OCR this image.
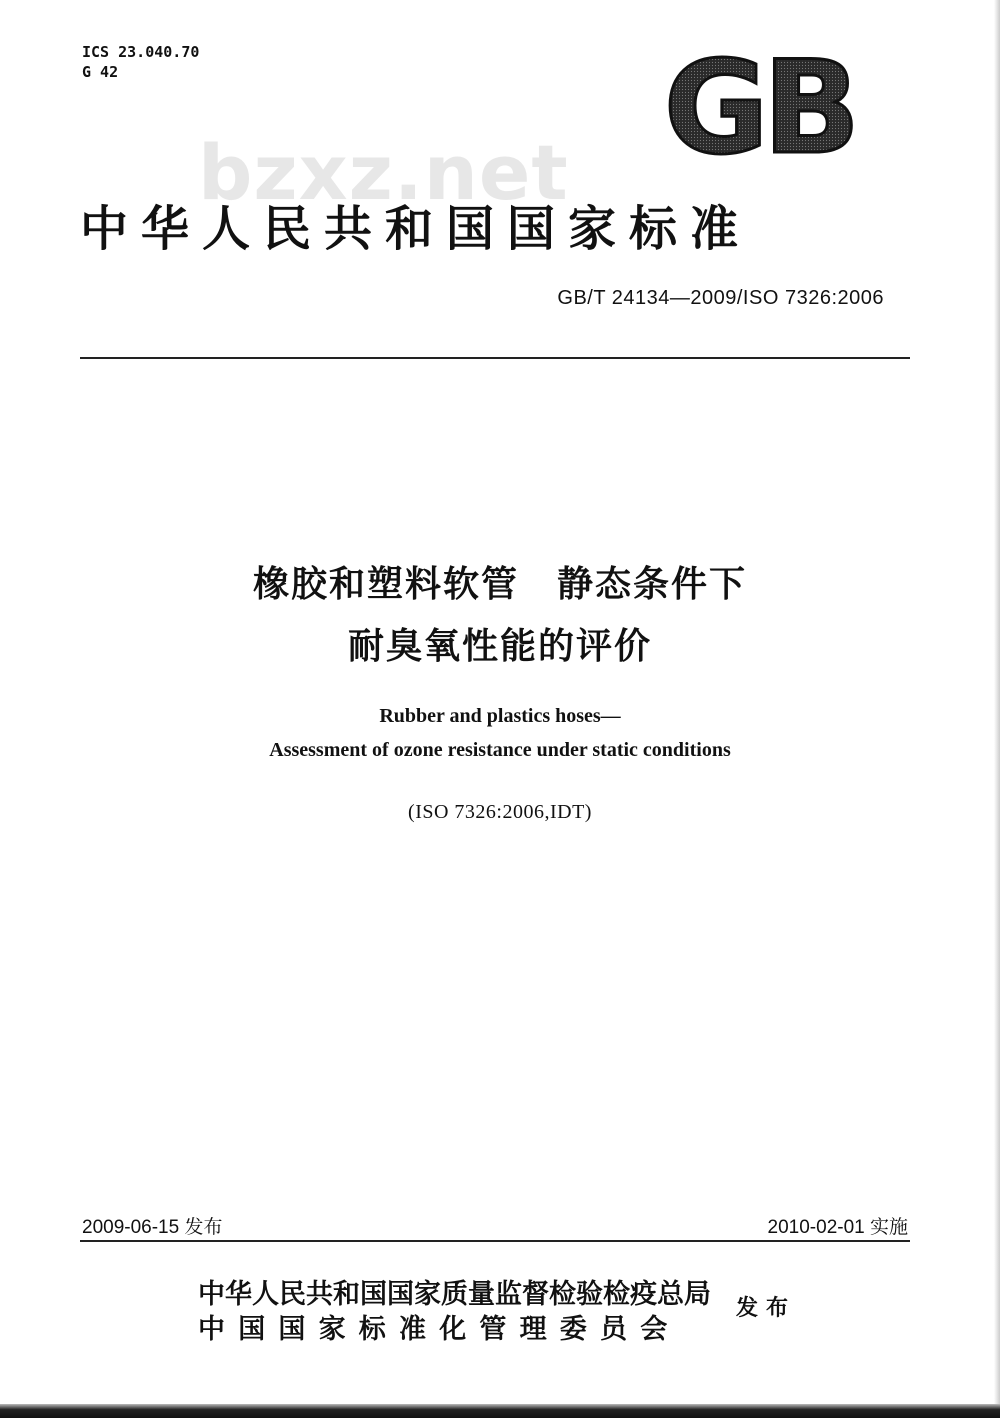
ICS 23.040.70
G 42	GB
bzxz.net
中华人民共和国国家标准
GB/T 24134—2009/ISO 7326:2006
橡胶和塑料软管　静态条件下
耐臭氧性能的评价
Rubber and plastics hoses—
Assessment of ozone resistance under static conditions
(ISO 7326:2006,IDT)
2009-06-15 发布	2010-02-01 实施
中华人民共和国国家质量监督检验检疫总局
中国国家标准化管理委员会
发布
